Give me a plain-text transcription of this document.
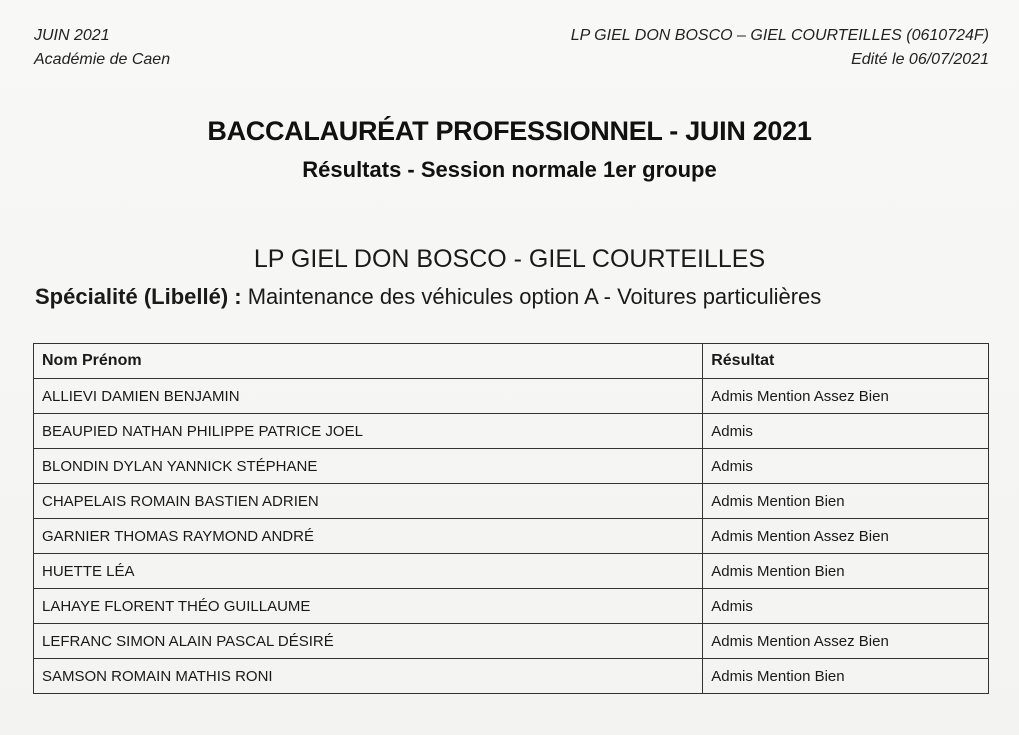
JUIN 2021
Académie de Caen
LP GIEL DON BOSCO – GIEL COURTEILLES (0610724F)
Edité le 06/07/2021
BACCALAURÉAT PROFESSIONNEL - JUIN 2021
Résultats - Session normale 1er groupe
LP GIEL DON BOSCO - GIEL COURTEILLES
Spécialité (Libellé) : Maintenance des véhicules option A - Voitures particulières
Nom Prénom	Résultat
ALLIEVI DAMIEN BENJAMIN	Admis Mention Assez Bien
BEAUPIED NATHAN PHILIPPE PATRICE JOEL	Admis
BLONDIN DYLAN YANNICK STÉPHANE	Admis
CHAPELAIS ROMAIN BASTIEN ADRIEN	Admis Mention Bien
GARNIER THOMAS RAYMOND ANDRÉ	Admis Mention Assez Bien
HUETTE LÉA	Admis Mention Bien
LAHAYE FLORENT THÉO GUILLAUME	Admis
LEFRANC SIMON ALAIN PASCAL DÉSIRÉ	Admis Mention Assez Bien
SAMSON ROMAIN MATHIS RONI	Admis Mention Bien
